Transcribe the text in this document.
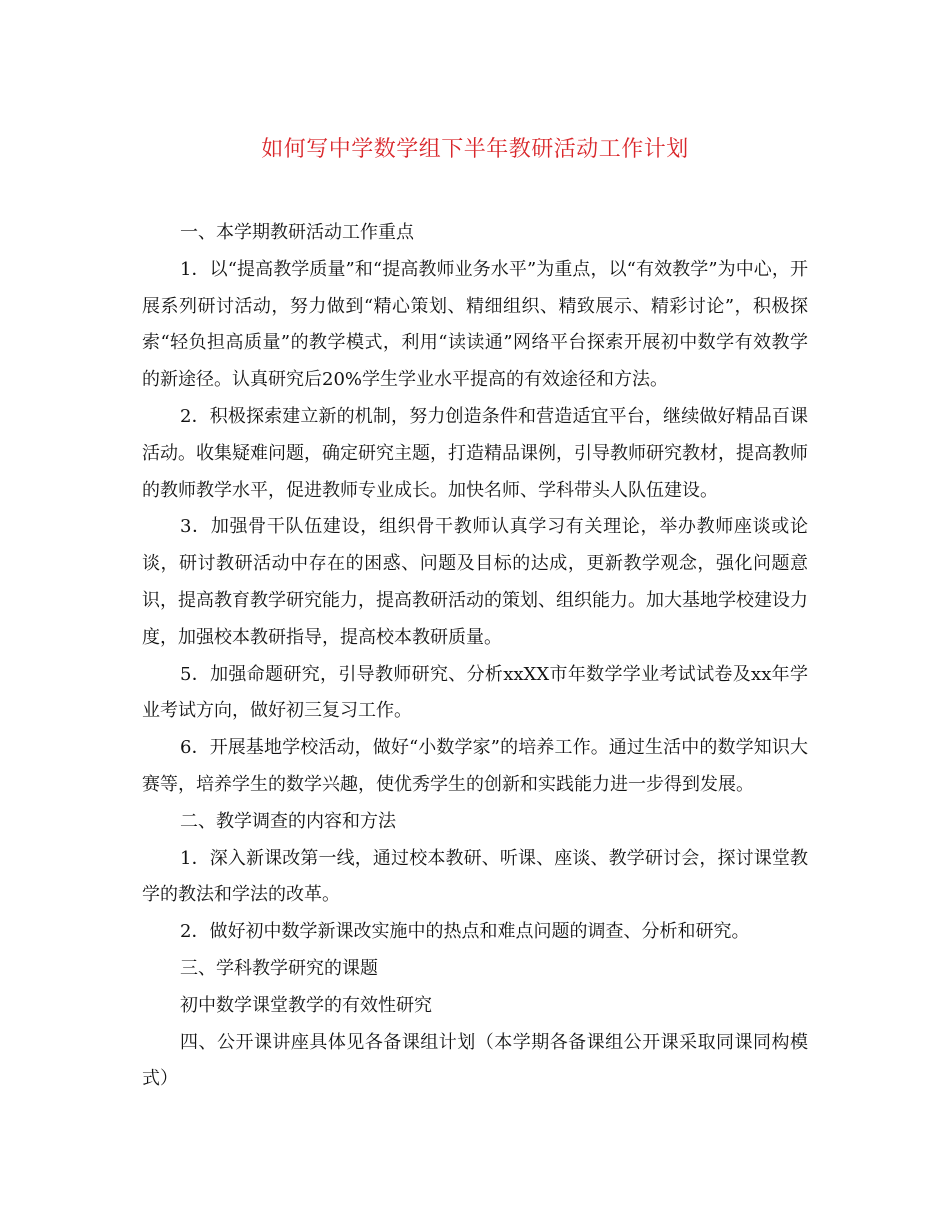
如何写中学数学组下半年教研活动工作计划

一、本学期教研活动工作重点

1．以“提高教学质量”和“提高教师业务水平”为重点，以“有效教学”为中心，开展系列研讨活动，努力做到“精心策划、精细组织、精致展示、精彩讨论”，积极探索“轻负担高质量”的教学模式，利用“读读通”网络平台探索开展初中数学有效教学的新途径。认真研究后20%学生学业水平提高的有效途径和方法。

2．积极探索建立新的机制，努力创造条件和营造适宜平台，继续做好精品百课活动。收集疑难问题，确定研究主题，打造精品课例，引导教师研究教材，提高教师的教师教学水平，促进教师专业成长。加快名师、学科带头人队伍建设。

3．加强骨干队伍建设，组织骨干教师认真学习有关理论，举办教师座谈或论谈，研讨教研活动中存在的困惑、问题及目标的达成，更新教学观念，强化问题意识，提高教育教学研究能力，提高教研活动的策划、组织能力。加大基地学校建设力度，加强校本教研指导，提高校本教研质量。

5．加强命题研究，引导教师研究、分析xxXX市年数学学业考试试卷及xx年学业考试方向，做好初三复习工作。

6．开展基地学校活动，做好“小数学家”的培养工作。通过生活中的数学知识大赛等，培养学生的数学兴趣，使优秀学生的创新和实践能力进一步得到发展。

二、教学调查的内容和方法

1．深入新课改第一线，通过校本教研、听课、座谈、教学研讨会，探讨课堂教学的教法和学法的改革。

2．做好初中数学新课改实施中的热点和难点问题的调查、分析和研究。

三、学科教学研究的课题

初中数学课堂教学的有效性研究

四、公开课讲座具体见各备课组计划（本学期各备课组公开课采取同课同构模式）
